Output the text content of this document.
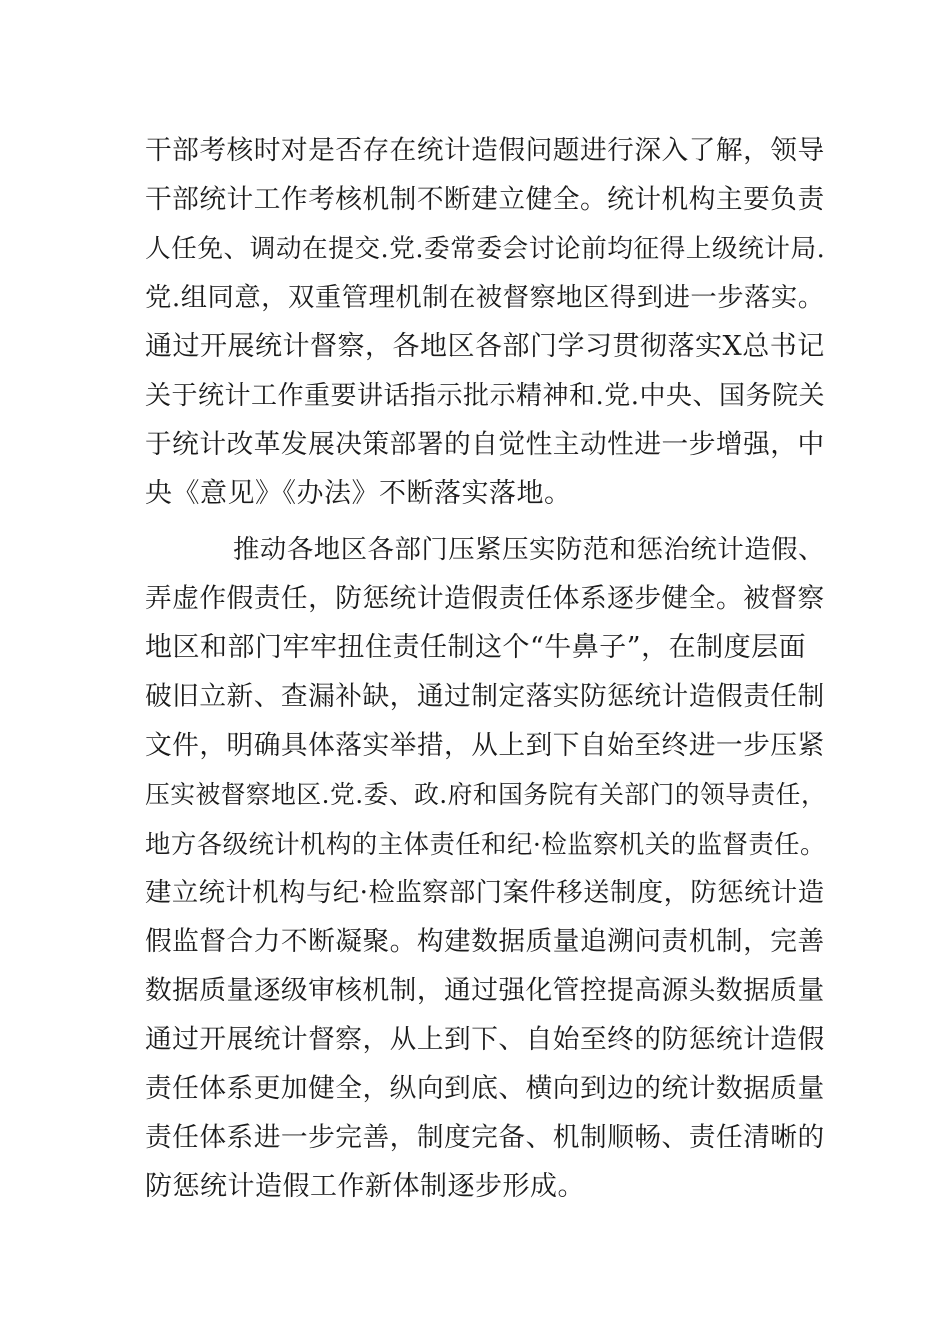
干部考核时对是否存在统计造假问题进行深入了解，领导
干部统计工作考核机制不断建立健全。统计机构主要负责
人任免、调动在提交.党.委常委会讨论前均征得上级统计局.
党.组同意，双重管理机制在被督察地区得到进一步落实。
通过开展统计督察，各地区各部门学习贯彻落实X总书记
关于统计工作重要讲话指示批示精神和.党.中央、国务院关
于统计改革发展决策部署的自觉性主动性进一步增强，中
央《意见》《办法》不断落实落地。
推动各地区各部门压紧压实防范和惩治统计造假、
弄虚作假责任，防惩统计造假责任体系逐步健全。被督察
地区和部门牢牢扭住责任制这个“牛鼻子”，在制度层面
破旧立新、查漏补缺，通过制定落实防惩统计造假责任制
文件，明确具体落实举措，从上到下自始至终进一步压紧
压实被督察地区.党.委、政.府和国务院有关部门的领导责任，
地方各级统计机构的主体责任和纪·检监察机关的监督责任。
建立统计机构与纪·检监察部门案件移送制度，防惩统计造
假监督合力不断凝聚。构建数据质量追溯问责机制，完善
数据质量逐级审核机制，通过强化管控提高源头数据质量
通过开展统计督察，从上到下、自始至终的防惩统计造假
责任体系更加健全，纵向到底、横向到边的统计数据质量
责任体系进一步完善，制度完备、机制顺畅、责任清晰的
防惩统计造假工作新体制逐步形成。
